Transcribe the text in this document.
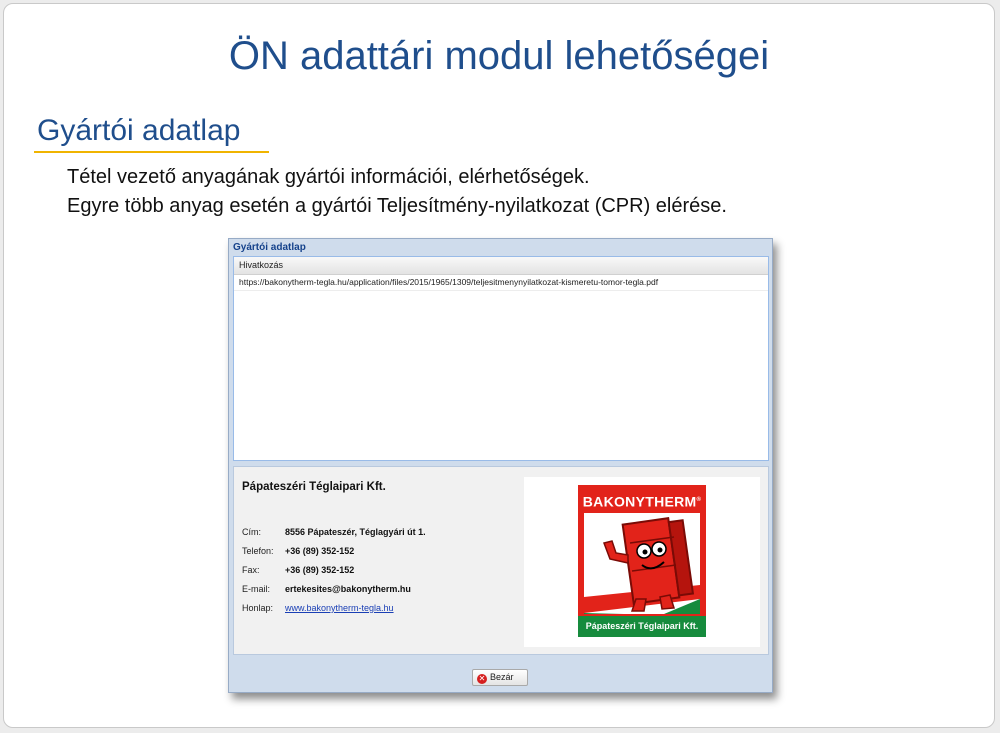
ÖN adattári modul lehetőségei
Gyártói adatlap
Tétel vezető anyagának gyártói információi, elérhetőségek.
Egyre több anyag esetén a gyártói Teljesítmény-nyilatkozat (CPR) elérése.
Gyártói adatlap
Hivatkozás
https://bakonytherm-tegla.hu/application/files/2015/1965/1309/teljesitmenynyilatkozat-kismeretu-tomor-tegla.pdf
Pápateszéri Téglaipari Kft.
Cím:	8556 Pápateszér, Téglagyári út 1.
Telefon: +36 (89) 352-152
Fax:	+36 (89) 352-152
E-mail: ertekesites@bakonytherm.hu
Honlap: www.bakonytherm-tegla.hu
BAKONYTHERM®
Pápateszéri Téglaipari Kft.
✕ Bezár
